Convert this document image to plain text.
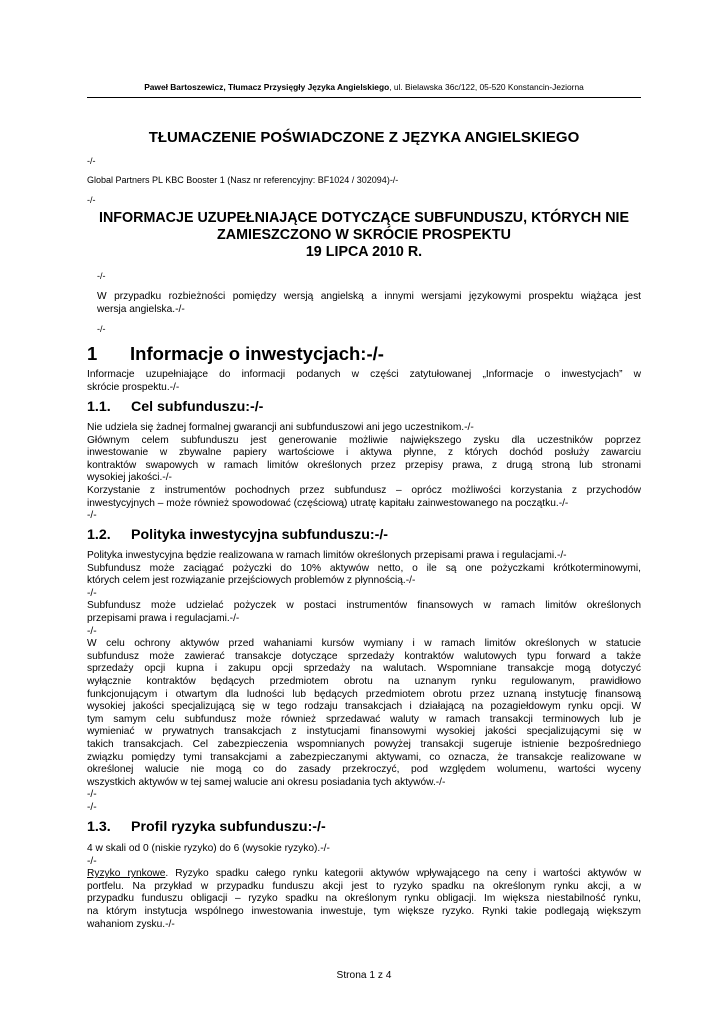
Paweł Bartoszewicz, Tłumacz Przysięgły Języka Angielskiego, ul. Bielawska 36c/122, 05-520 Konstancin-Jeziorna
TŁUMACZENIE POŚWIADCZONE Z JĘZYKA ANGIELSKIEGO
-/-
Global Partners PL KBC Booster 1 (Nasz nr referencyjny: BF1024 / 302094)-/-
-/-
INFORMACJE UZUPEŁNIAJĄCE DOTYCZĄCE SUBFUNDUSZU, KTÓRYCH NIE
ZAMIESZCZONO W SKRÓCIE PROSPEKTU
19 LIPCA 2010 R.
-/-
W przypadku rozbieżności pomiędzy wersją angielską a innymi wersjami językowymi prospektu wiążąca jest
wersja angielska.-/-
-/-
1 Informacje o inwestycjach:-/-
Informacje uzupełniające do informacji podanych w części zatytułowanej „Informacje o inwestycjach” w
skrócie prospektu.-/-
1.1. Cel subfunduszu:-/-
Nie udziela się żadnej formalnej gwarancji ani subfunduszowi ani jego uczestnikom.-/-
Głównym celem subfunduszu jest generowanie możliwie największego zysku dla uczestników poprzez
inwestowanie w zbywalne papiery wartościowe i aktywa płynne, z których dochód posłuży zawarciu
kontraktów swapowych w ramach limitów określonych przez przepisy prawa, z drugą stroną lub stronami
wysokiej jakości.-/-
Korzystanie z instrumentów pochodnych przez subfundusz – oprócz możliwości korzystania z przychodów
inwestycyjnych – może również spowodować (częściową) utratę kapitału zainwestowanego na początku.-/-
-/-
1.2. Polityka inwestycyjna subfunduszu:-/-
Polityka inwestycyjna będzie realizowana w ramach limitów określonych przepisami prawa i regulacjami.-/-
Subfundusz może zaciągać pożyczki do 10% aktywów netto, o ile są one pożyczkami krótkoterminowymi,
których celem jest rozwiązanie przejściowych problemów z płynnością.-/-
-/-
Subfundusz może udzielać pożyczek w postaci instrumentów finansowych w ramach limitów określonych
przepisami prawa i regulacjami.-/-
-/-
W celu ochrony aktywów przed wahaniami kursów wymiany i w ramach limitów określonych w statucie
subfundusz może zawierać transakcje dotyczące sprzedaży kontraktów walutowych typu forward a także
sprzedaży opcji kupna i zakupu opcji sprzedaży na walutach. Wspomniane transakcje mogą dotyczyć
wyłącznie kontraktów będących przedmiotem obrotu na uznanym rynku regulowanym, prawidłowo
funkcjonującym i otwartym dla ludności lub będących przedmiotem obrotu przez uznaną instytucję finansową
wysokiej jakości specjalizującą się w tego rodzaju transakcjach i działającą na pozagiełdowym rynku opcji. W
tym samym celu subfundusz może również sprzedawać waluty w ramach transakcji terminowych lub je
wymieniać w prywatnych transakcjach z instytucjami finansowymi wysokiej jakości specjalizującymi się w
takich transakcjach. Cel zabezpieczenia wspomnianych powyżej transakcji sugeruje istnienie bezpośredniego
związku pomiędzy tymi transakcjami a zabezpieczanymi aktywami, co oznacza, że transakcje realizowane w
określonej walucie nie mogą co do zasady przekroczyć, pod względem wolumenu, wartości wyceny
wszystkich aktywów w tej samej walucie ani okresu posiadania tych aktywów.-/-
-/-
-/-
1.3. Profil ryzyka subfunduszu:-/-
4 w skali od 0 (niskie ryzyko) do 6 (wysokie ryzyko).-/-
-/-
Ryzyko rynkowe. Ryzyko spadku całego rynku kategorii aktywów wpływającego na ceny i wartości aktywów w
portfelu. Na przykład w przypadku funduszu akcji jest to ryzyko spadku na określonym rynku akcji, a w
przypadku funduszu obligacji – ryzyko spadku na określonym rynku obligacji. Im większa niestabilność rynku,
na którym instytucja wspólnego inwestowania inwestuje, tym większe ryzyko. Rynki takie podlegają większym
wahaniom zysku.-/-
Strona 1 z 4
